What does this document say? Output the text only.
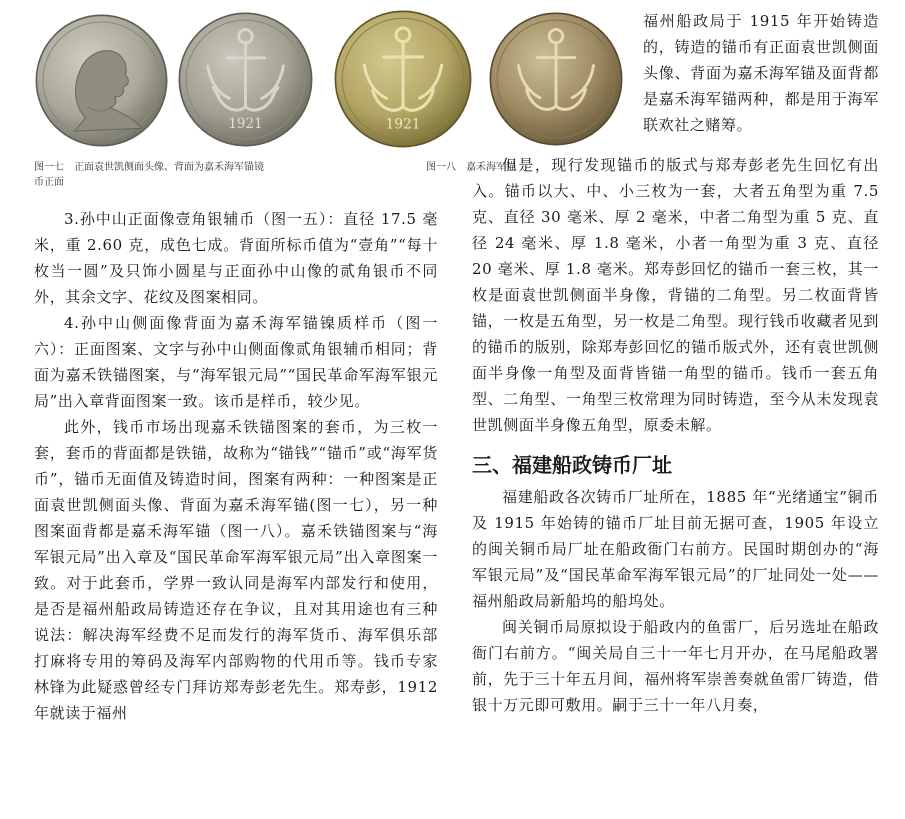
1921	1921
图一七　正面袁世凯侧面头像、背面为嘉禾海军锚镜
币正面
图一八　嘉禾海军锚

3.孙中山正面像壹角银辅币（图一五）：直径 17.5 毫米，重 2.60 克，成色七成。背面所标币值为“壹角”“每十枚当一圆”及只饰小圆星与正面孙中山像的贰角银币不同外，其余文字、花纹及图案相同。

4.孙中山侧面像背面为嘉禾海军锚镍质样币（图一六）：正面图案、文字与孙中山侧面像贰角银辅币相同；背面为嘉禾铁锚图案，与“海军银元局”“国民革命军海军银元局”出入章背面图案一致。该币是样币，较少见。

此外，钱币市场出现嘉禾铁锚图案的套币，为三枚一套，套币的背面都是铁锚，故称为“锚钱”“锚币”或“海军货币”，锚币无面值及铸造时间，图案有两种：一种图案是正面袁世凯侧面头像、背面为嘉禾海军锚(图一七），另一种图案面背都是嘉禾海军锚（图一八）。嘉禾铁锚图案与“海军银元局”出入章及“国民革命军海军银元局”出入章图案一致。对于此套币，学界一致认同是海军内部发行和使用，是否是福州船政局铸造还存在争议，且对其用途也有三种说法：解决海军经费不足而发行的海军货币、海军俱乐部打麻将专用的筹码及海军内部购物的代用币等。钱币专家林锋为此疑惑曾经专门拜访郑寿彭老先生。郑寿彭，1912 年就读于福州

福州船政局于 1915 年开始铸造的，铸造的锚币有正面袁世凯侧面头像、背面为嘉禾海军锚及面背都是嘉禾海军锚两种，都是用于海军联欢社之赌筹。

但是，现行发现锚币的版式与郑寿彭老先生回忆有出入。锚币以大、中、小三枚为一套，大者五角型为重 7.5 克、直径 30 毫米、厚 2 毫米，中者二角型为重 5 克、直径 24 毫米、厚 1.8 毫米，小者一角型为重 3 克、直径 20 毫米、厚 1.8 毫米。郑寿彭回忆的锚币一套三枚，其一枚是面袁世凯侧面半身像，背锚的二角型。另二枚面背皆锚，一枚是五角型，另一枚是二角型。现行钱币收藏者见到的锚币的版别，除郑寿彭回忆的锚币版式外，还有袁世凯侧面半身像一角型及面背皆锚一角型的锚币。钱币一套五角型、二角型、一角型三枚常理为同时铸造，至今从未发现袁世凯侧面半身像五角型，原委未解。

三、福建船政铸币厂址

福建船政各次铸币厂址所在，1885 年“光绪通宝”铜币及 1915 年始铸的锚币厂址目前无据可查，1905 年设立的闽关铜币局厂址在船政衙门右前方。民国时期创办的“海军银元局”及“国民革命军海军银元局”的厂址同处一处——福州船政局新船坞的船坞处。

闽关铜币局原拟设于船政内的鱼雷厂，后另选址在船政衙门右前方。“闽关局自三十一年七月开办，在马尾船政署前，先于三十年五月间，福州将军崇善奏就鱼雷厂铸造，借银十万元即可敷用。嗣于三十一年八月奏，
